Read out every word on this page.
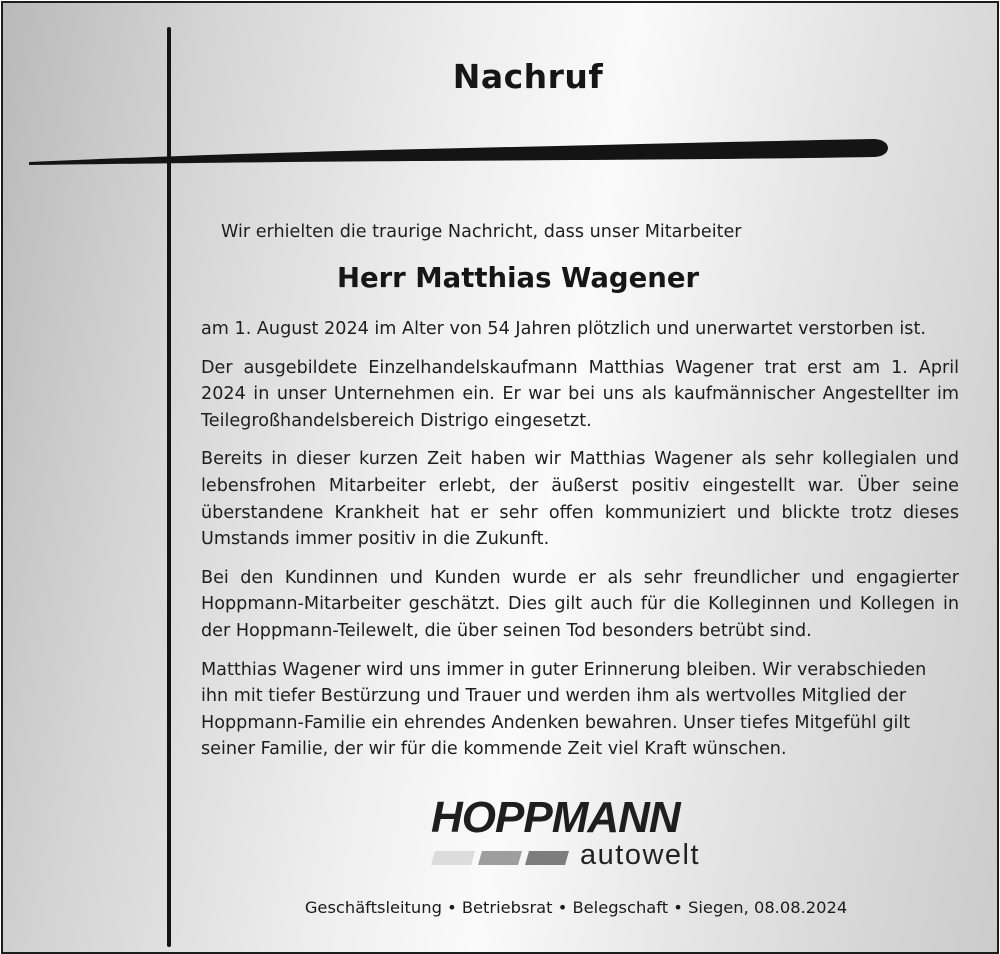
Nachruf
Wir erhielten die traurige Nachricht, dass unser Mitarbeiter
Herr Matthias Wagener

am 1. August 2024 im Alter von 54 Jahren plötzlich und unerwartet verstorben ist.

Der ausgebildete Einzelhandelskaufmann Matthias Wagener trat erst am 1. April 2024 in unser Unternehmen ein. Er war bei uns als kaufmännischer Angestellter im Teilegroßhandelsbereich Distrigo eingesetzt.

Bereits in dieser kurzen Zeit haben wir Matthias Wagener als sehr kollegialen und lebensfrohen Mitarbeiter erlebt, der äußerst positiv eingestellt war. Über seine überstandene Krankheit hat er sehr offen kommuniziert und blickte trotz dieses Umstands immer positiv in die Zukunft.

Bei den Kundinnen und Kunden wurde er als sehr freundlicher und engagierter Hoppmann-Mitarbeiter geschätzt. Dies gilt auch für die Kolleginnen und Kollegen in der Hoppmann-Teilewelt, die über seinen Tod besonders betrübt sind.

Matthias Wagener wird uns immer in guter Erinnerung bleiben. Wir verabschieden ihn mit tiefer Bestürzung und Trauer und werden ihm als wertvolles Mitglied der Hoppmann-Familie ein ehrendes Andenken bewahren. Unser tiefes Mitgefühl gilt seiner Familie, der wir für die kommende Zeit viel Kraft wünschen.

HOPPMANN
autowelt
Geschäftsleitung • Betriebsrat • Belegschaft • Siegen, 08.08.2024
